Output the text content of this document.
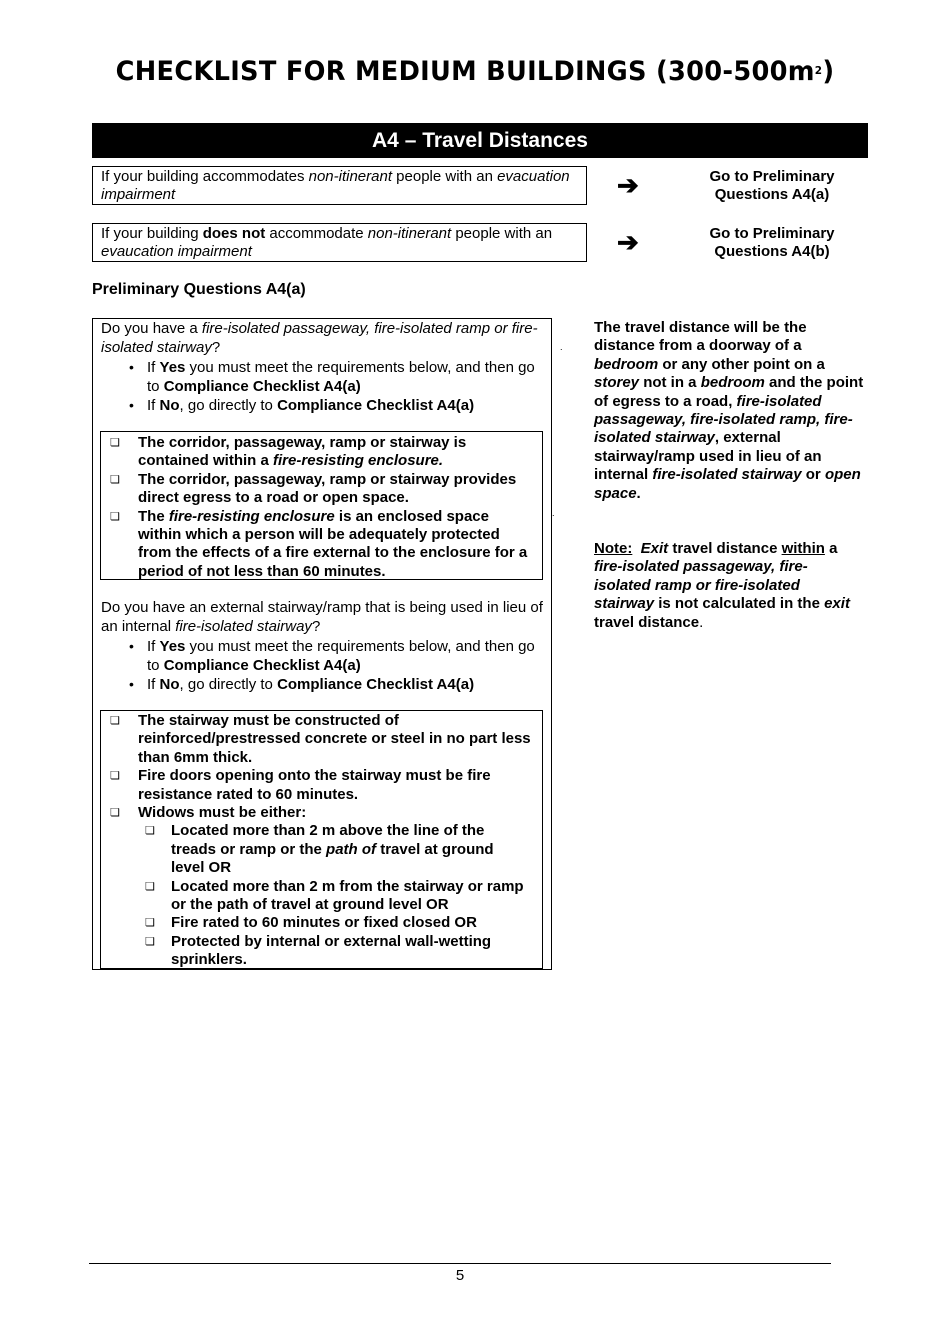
CHECKLIST FOR MEDIUM BUILDINGS $(300-500m^2)$
A4 – Travel Distances
If your building accommodates non-itinerant people with an evacuation impairment	➔	Go to Preliminary
Questions A4(a)
If your building does not accommodate non-itinerant people with an evaucation impairment	➔	Go to Preliminary
Questions A4(b)
Preliminary Questions A4(a)
Do you have a fire-isolated passageway, fire-isolated ramp or fire-isolated stairway?
• If Yes you must meet the requirements below, and then go to Compliance Checklist A4(a)
• If No, go directly to Compliance Checklist A4(a)
.
❏ The corridor, passageway, ramp or stairway is contained within a fire-resisting enclosure.
❏ The corridor, passageway, ramp or stairway provides direct egress to a road or open space.
❏ The fire-resisting enclosure is an enclosed space within which a person will be adequately protected from the effects of a fire external to the enclosure for a period of not less than 60 minutes.
.
Do you have an external stairway/ramp that is being used in lieu of an internal fire-isolated stairway?
• If Yes you must meet the requirements below, and then go to Compliance Checklist A4(a)
• If No, go directly to Compliance Checklist A4(a)
❏ The stairway must be constructed of reinforced/prestressed concrete or steel in no part less than 6mm thick.
❏ Fire doors opening onto the stairway must be fire resistance rated to 60 minutes.
❏ Widows must be either:
❏ Located more than 2 m above the line of the treads or ramp or the path of travel at ground level OR
❏ Located more than 2 m from the stairway or ramp or the path of travel at ground level OR
❏ Fire rated to 60 minutes or fixed closed OR
❏ Protected by internal or external wall-wetting sprinklers.
The travel distance will be the distance from a doorway of a bedroom or any other point on a storey not in a bedroom and the point of egress to a road, fire-isolated passageway, fire-isolated ramp, fire-isolated stairway, external stairway/ramp used in lieu of an internal fire-isolated stairway or open space.
Note: Exit travel distance within a fire-isolated passageway, fire-isolated ramp or fire-isolated stairway is not calculated in the exit travel distance.
5
